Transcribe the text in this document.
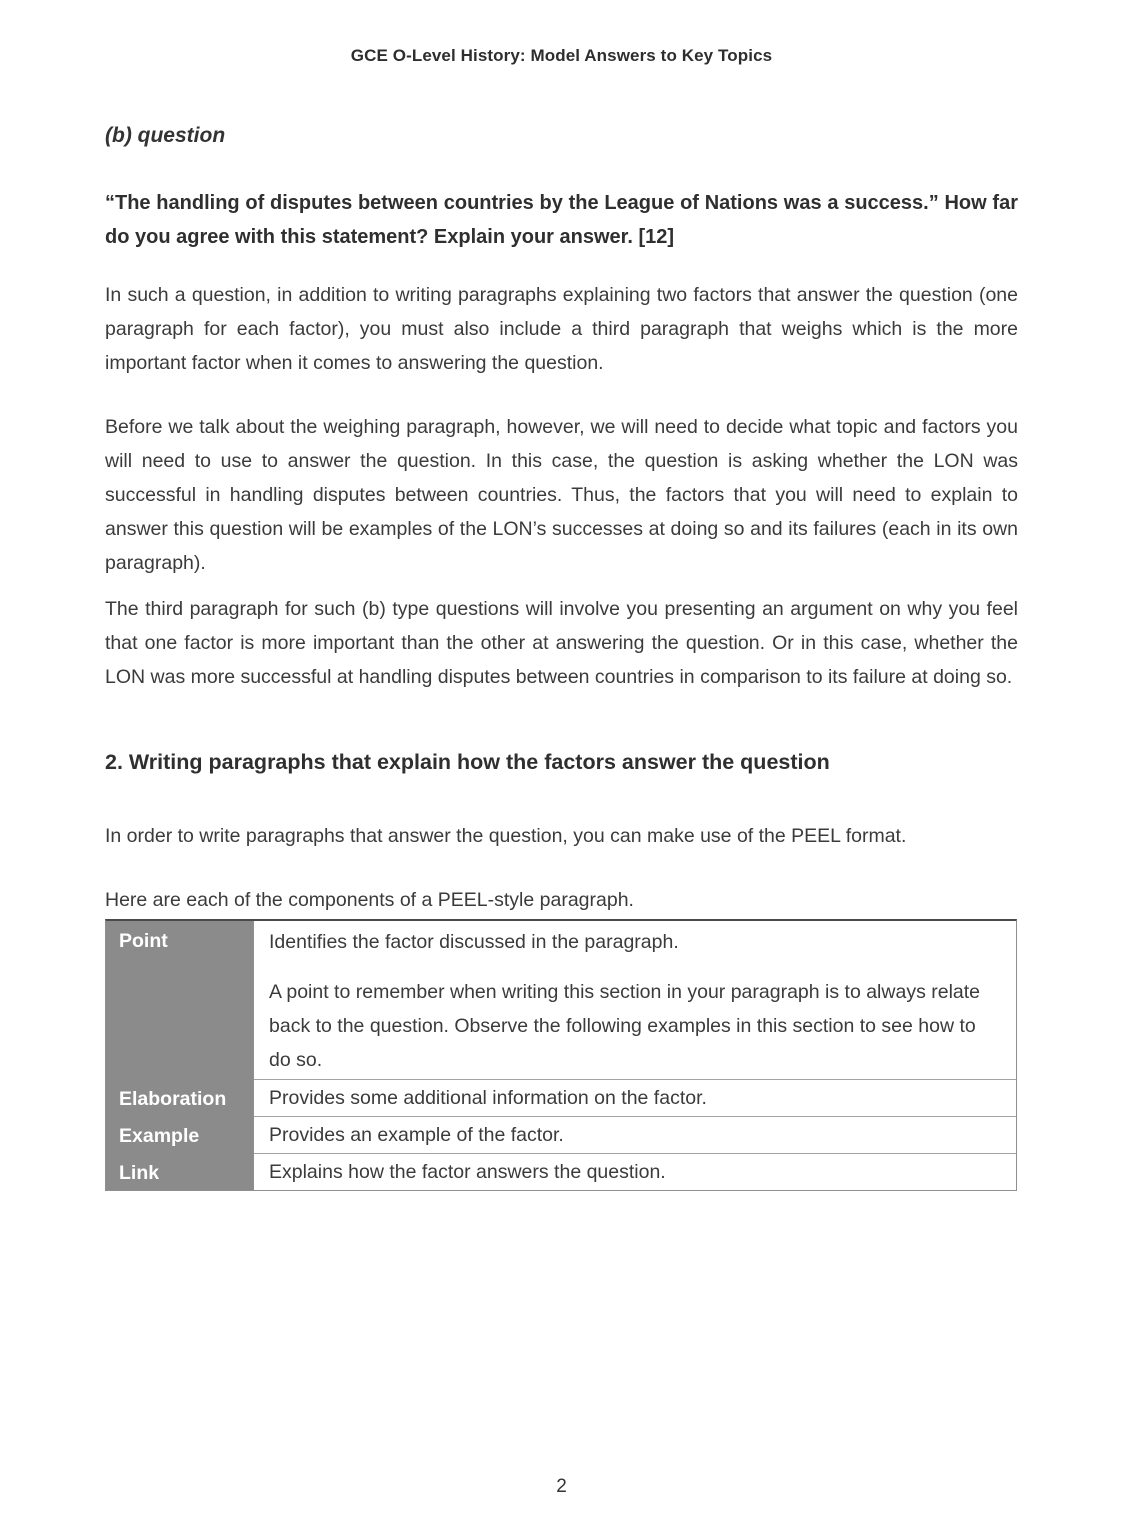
GCE O-Level History: Model Answers to Key Topics
(b) question

“The handling of disputes between countries by the League of Nations was a success.” How far do you agree with this statement? Explain your answer. [12]

In such a question, in addition to writing paragraphs explaining two factors that answer the question (one paragraph for each factor), you must also include a third paragraph that weighs which is the more important factor when it comes to answering the question.

Before we talk about the weighing paragraph, however, we will need to decide what topic and factors you will need to use to answer the question. In this case, the question is asking whether the LON was successful in handling disputes between countries. Thus, the factors that you will need to explain to answer this question will be examples of the LON’s successes at doing so and its failures (each in its own paragraph).

The third paragraph for such (b) type questions will involve you presenting an argument on why you feel that one factor is more important than the other at answering the question. Or in this case, whether the LON was more successful at handling disputes between countries in comparison to its failure at doing so.

2. Writing paragraphs that explain how the factors answer the question

In order to write paragraphs that answer the question, you can make use of the PEEL format.

Here are each of the components of a PEEL-style paragraph.

Point	Identifies the factor discussed in the paragraph.

A point to remember when writing this section in your paragraph is to always relate back to the question. Observe the following examples in this section to see how to do so.

Elaboration	Provides some additional information on the factor.

Example	Provides an example of the factor.

Link	Explains how the factor answers the question.

2
